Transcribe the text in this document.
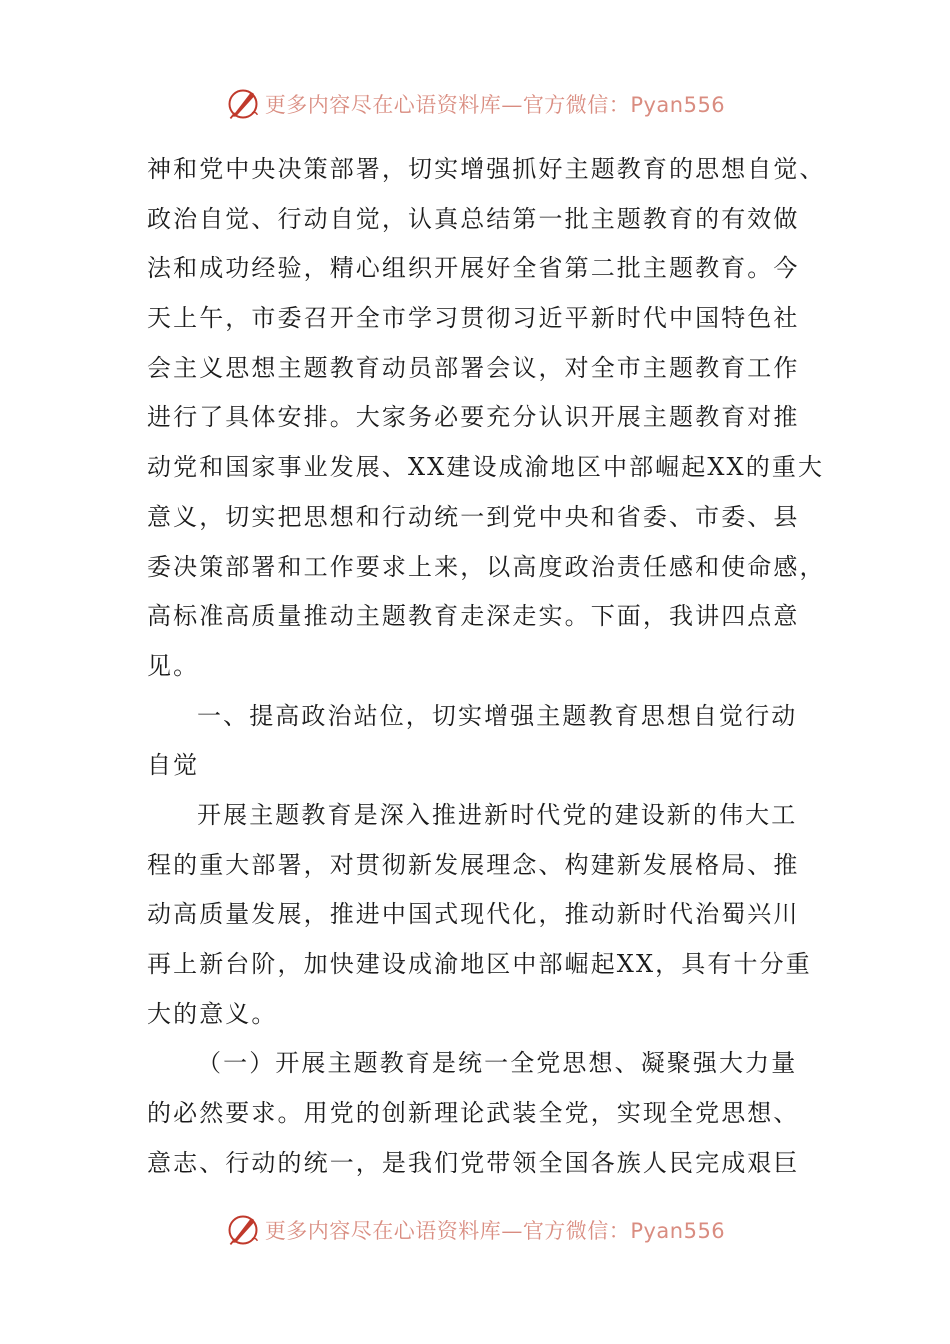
更多内容尽在心语资料库—官方微信：Pyan556
神和党中央决策部署，切实增强抓好主题教育的思想自觉、
政治自觉、行动自觉，认真总结第一批主题教育的有效做
法和成功经验，精心组织开展好全省第二批主题教育。今
天上午，市委召开全市学习贯彻习近平新时代中国特色社
会主义思想主题教育动员部署会议，对全市主题教育工作
进行了具体安排。大家务必要充分认识开展主题教育对推
动党和国家事业发展、XX建设成渝地区中部崛起XX的重大
意义，切实把思想和行动统一到党中央和省委、市委、县
委决策部署和工作要求上来，以高度政治责任感和使命感，
高标准高质量推动主题教育走深走实。下面，我讲四点意
见。
一、提高政治站位，切实增强主题教育思想自觉行动
自觉
开展主题教育是深入推进新时代党的建设新的伟大工
程的重大部署，对贯彻新发展理念、构建新发展格局、推
动高质量发展，推进中国式现代化，推动新时代治蜀兴川
再上新台阶，加快建设成渝地区中部崛起XX，具有十分重
大的意义。
（一）开展主题教育是统一全党思想、凝聚强大力量
的必然要求。用党的创新理论武装全党，实现全党思想、
意志、行动的统一，是我们党带领全国各族人民完成艰巨
更多内容尽在心语资料库—官方微信：Pyan556
